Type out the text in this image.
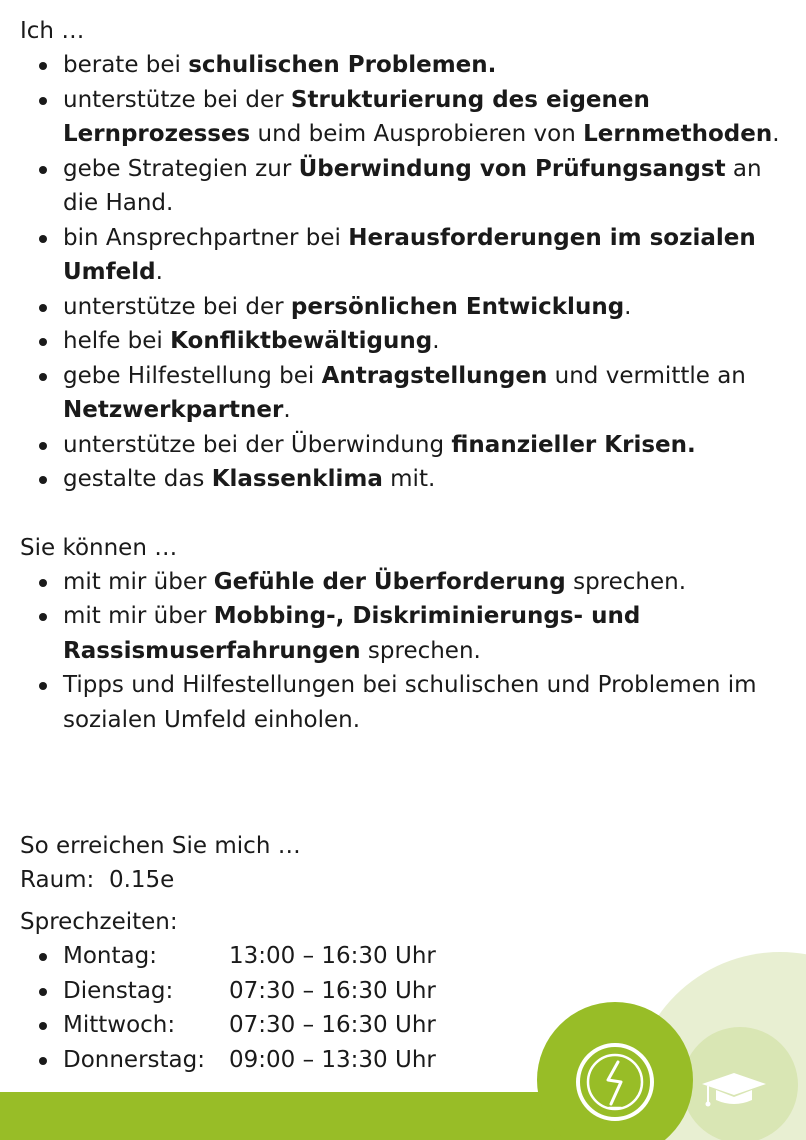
Ich …

berate bei schulischen Problemen.
unterstütze bei der Strukturierung des eigenen Lernprozesses und beim Ausprobieren von Lernmethoden.
gebe Strategien zur Überwindung von Prüfungsangst an die Hand.
bin Ansprechpartner bei Herausforderungen im sozialen Umfeld.
unterstütze bei der persönlichen Entwicklung.
helfe bei Konfliktbewältigung.
gebe Hilfestellung bei Antragstellungen und vermittle an Netzwerkpartner.
unterstütze bei der Überwindung finanzieller Krisen.
gestalte das Klassenklima mit.

Sie können …

mit mir über Gefühle der Überforderung sprechen.
mit mir über Mobbing-, Diskriminierungs- und Rassismuserfahrungen sprechen.
Tipps und Hilfestellungen bei schulischen und Problemen im sozialen Umfeld einholen.

So erreichen Sie mich …

Raum: 0.15e

Sprechzeiten:

Montag:	13:00 – 16:30 Uhr
Dienstag: 07:30 – 16:30 Uhr
Mittwoch: 07:30 – 16:30 Uhr
Donnerstag: 09:00 – 13:30 Uhr
